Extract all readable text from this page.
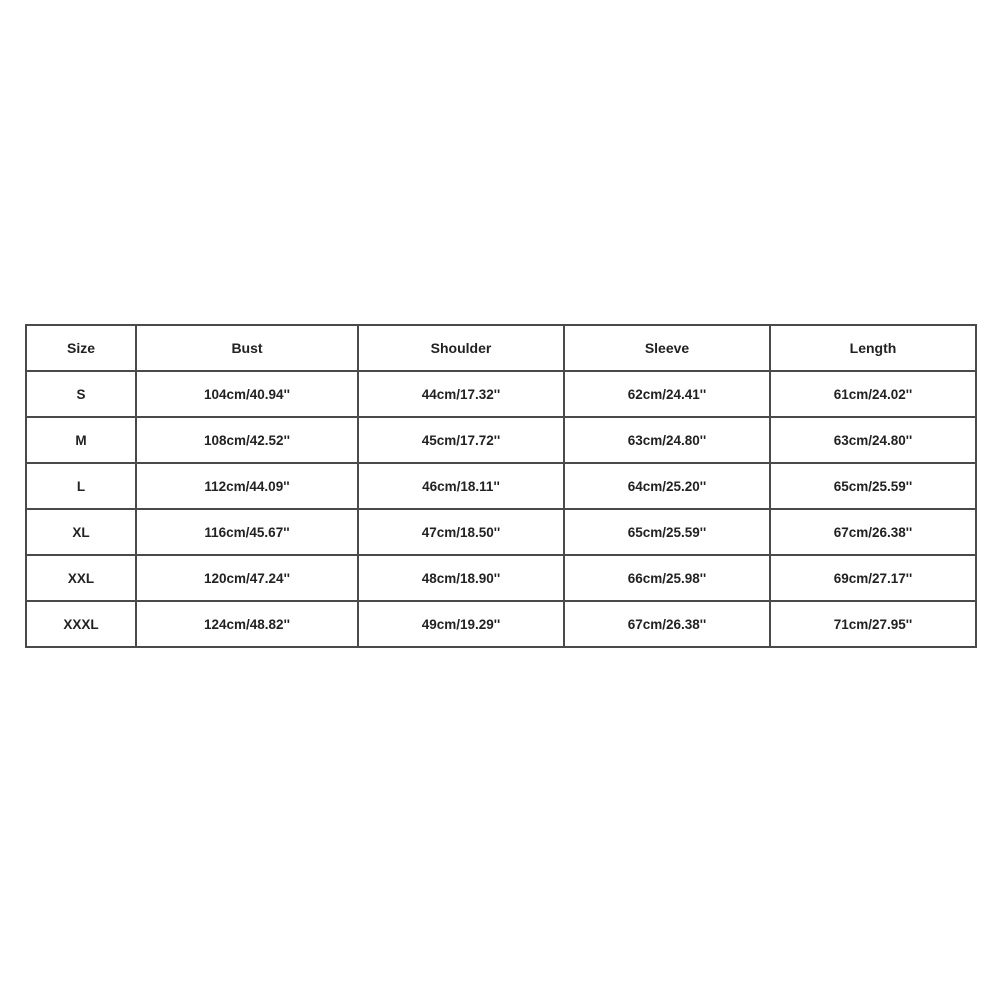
Size	Bust	Shoulder	Sleeve	Length
S	104cm/40.94''	44cm/17.32''	62cm/24.41''	61cm/24.02''
M	108cm/42.52''	45cm/17.72''	63cm/24.80''	63cm/24.80''
L	112cm/44.09''	46cm/18.11''	64cm/25.20''	65cm/25.59''
XL	116cm/45.67''	47cm/18.50''	65cm/25.59''	67cm/26.38''
XXL	120cm/47.24''	48cm/18.90''	66cm/25.98''	69cm/27.17''
XXXL	124cm/48.82''	49cm/19.29''	67cm/26.38''	71cm/27.95''
